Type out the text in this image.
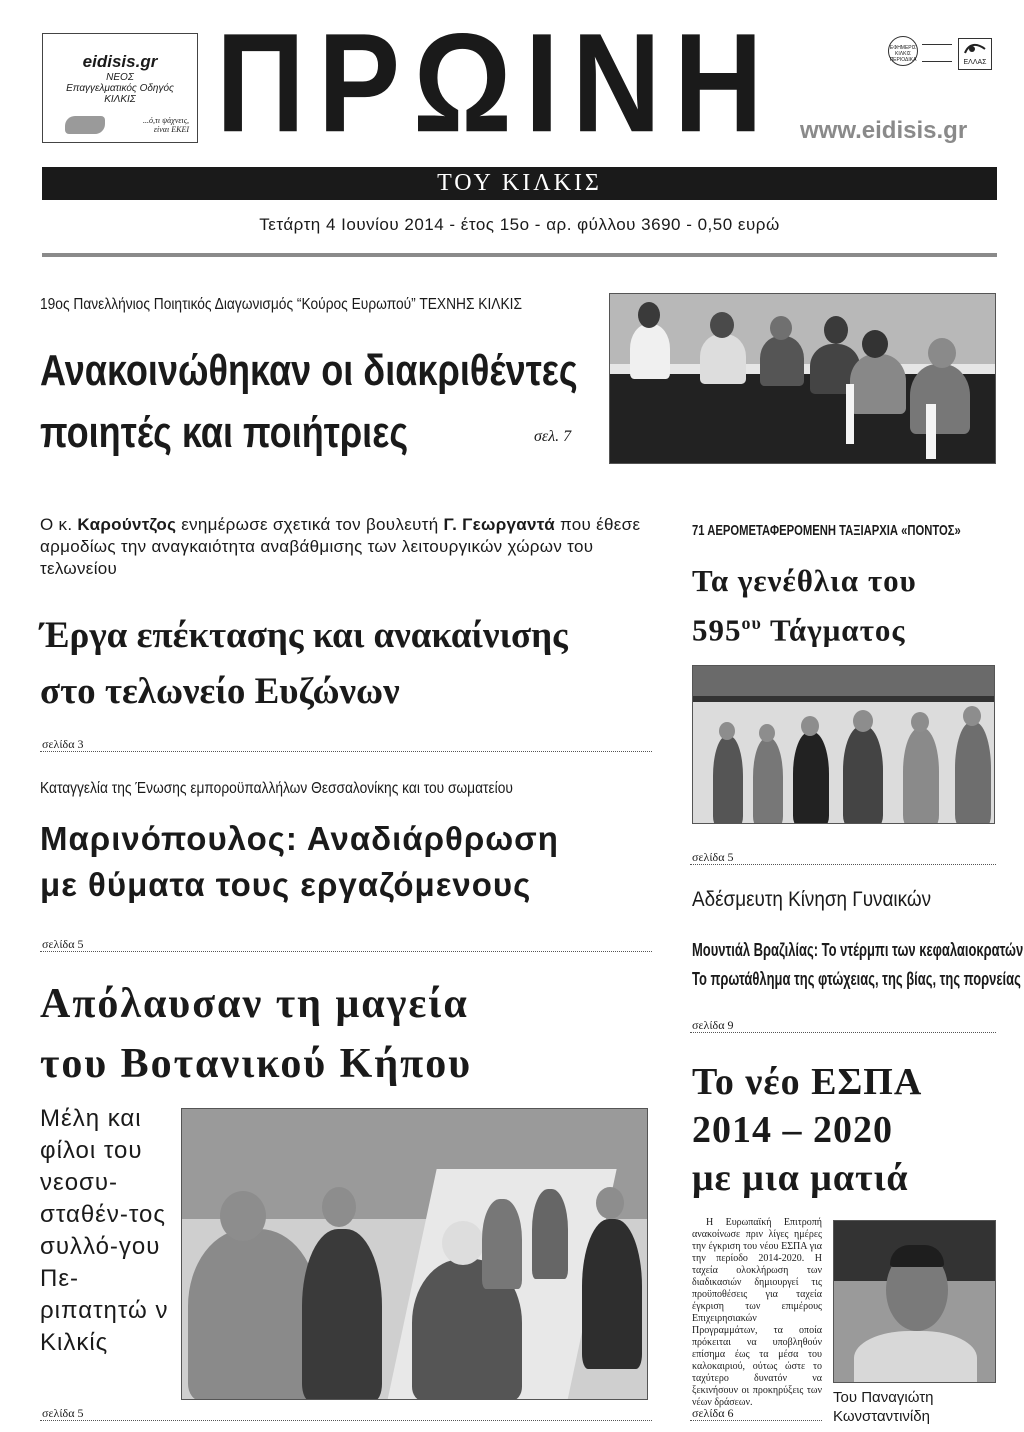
eidisis.gr
ΝΕΟΣ
Επαγγελματικός Οδηγός
ΚΙΛΚΙΣ
...ό,τι ψάχνεις,
είναι ΕΚΕΙ ΠΡΩΙΝΗ	ΕΦΗΜΕΡΙΣ ΚΙΛΚΙΣ ΠΕΡΙΟΔΙΚΑ	ΕΛΛΑΣ
www.eidisis.gr
ΤΟΥ ΚΙΛΚΙΣ
Τετάρτη 4 Ιουνίου 2014 - έτος 15ο - αρ. φύλλου 3690 - 0,50 ευρώ
19ος Πανελλήνιος Ποιητικός Διαγωνισμός “Κούρος Ευρωπού” ΤΕΧΝΗΣ ΚΙΛΚΙΣ
Ανακοινώθηκαν οι διακριθέντες
ποιητές και ποιήτριες	σελ. 7
Ο κ. Καρούντζος ενημέρωσε σχετικά τον βουλευτή Γ. Γεωργαντά που έθεσε αρμοδίως την αναγκαιότητα αναβάθμισης των λειτουργικών χώρων του τελωνείου
Έργα επέκτασης και ανακαίνισης
στο τελωνείο Ευζώνων
σελίδα 3
Καταγγελία της Ένωσης εμποροϋπαλλήλων Θεσσαλονίκης και του σωματείου
Μαρινόπουλος: Αναδιάρθρωση
με θύματα τους εργαζόμενους
σελίδα 5
Απόλαυσαν τη μαγεία
του Βοτανικού Κήπου
Μέλη και φίλοι του νεοσυ-σταθέν-τος συλλό-γου Πε-ριπατητώ ν Κιλκίς
σελίδα 5
71 ΑΕΡΟΜΕΤΑΦΕΡΟΜΕΝΗ ΤΑΞΙΑΡΧΙΑ «ΠΟΝΤΟΣ»
Τα γενέθλια του
$595^{o\upsilon}$ Τάγματος
σελίδα 5
Αδέσμευτη Κίνηση Γυναικών
Μουντιάλ Βραζιλίας: Το ντέρμπι των κεφαλαιοκρατών
Το πρωτάθλημα της φτώχειας, της βίας, της πορνείας
σελίδα 9
Το νέο ΕΣΠΑ
2014 – 2020
με μια ματιά
Η Ευρωπαϊκή Επιτροπή ανακοίνωσε πριν λίγες ημέρες την έγκριση του νέου ΕΣΠΑ για την περίοδο 2014-2020. Η ταχεία ολοκλήρωση των διαδικασιών δημιουργεί τις προϋποθέσεις για ταχεία έγκριση των επιμέρους Επιχειρησιακών Προγραμμάτων, τα οποία πρόκειται να υποβληθούν επίσημα έως τα μέσα του καλοκαιριού, ούτως ώστε το ταχύτερο δυνατόν να ξεκινήσουν οι προκηρύξεις των νέων δράσεων.	Του Παναγιώτη
Κωνσταντινίδη
σελίδα 6
